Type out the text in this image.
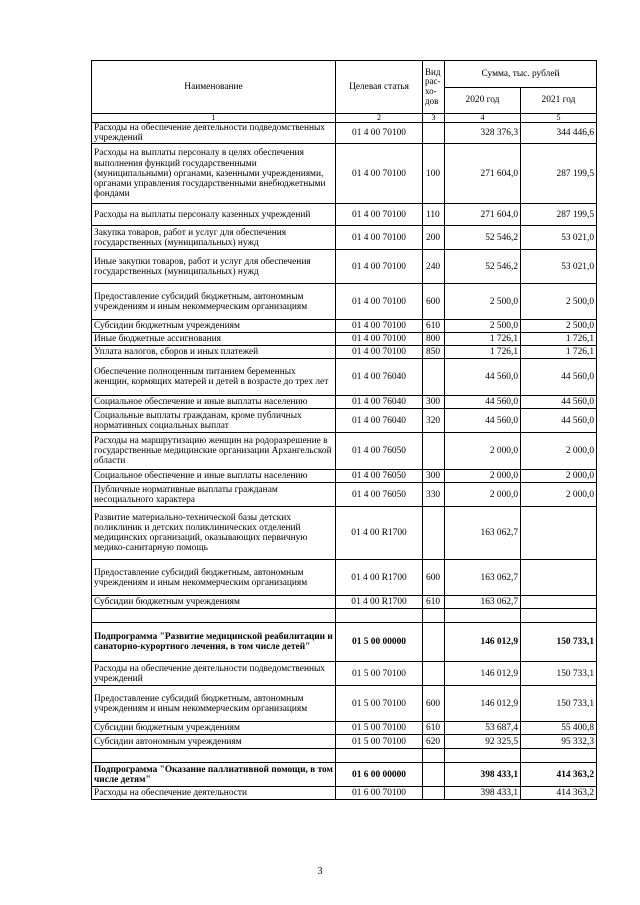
Наименование	Целевая статья	Вид
рас-
хо-
дов	Сумма, тыс. рублей	
			2020 год	2021 год
1	2	3	4	5
Расходы на обеспечение деятельности подведомственных учреждений	01 4 00 70100		328 376,3	344 446,6
Расходы на выплаты персоналу в целях обеспечения выполнения функций государственными (муниципальными) органами, казенными учреждениями, органами управления государственными внебюджетными фондами	01 4 00 70100	100	271 604,0	287 199,5
Расходы на выплаты персоналу казенных учреждений	01 4 00 70100	110	271 604,0	287 199,5
Закупка товаров, работ и услуг для обеспечения государственных (муниципальных) нужд	01 4 00 70100	200	52 546,2	53 021,0
Иные закупки товаров, работ и услуг для обеспечения государственных (муниципальных) нужд	01 4 00 70100	240	52 546,2	53 021,0
Предоставление субсидий бюджетным, автономным учреждениям и иным некоммерческим организациям	01 4 00 70100	600	2 500,0	2 500,0
Субсидии бюджетным учреждениям	01 4 00 70100	610	2 500,0	2 500,0
Иные бюджетные ассигнования	01 4 00 70100	800	1 726,1	1 726,1
Уплата налогов, сборов и иных платежей	01 4 00 70100	850	1 726,1	1 726,1
Обеспечение полноценным питанием беременных женщин, кормящих матерей и детей в возрасте до трех лет	01 4 00 76040		44 560,0	44 560,0
Социальное обеспечение и иные выплаты населению	01 4 00 76040	300	44 560,0	44 560,0
Социальные выплаты гражданам, кроме публичных нормативных социальных выплат	01 4 00 76040	320	44 560,0	44 560,0
Расходы на маршрутизацию женщин на родоразрешение в государственные медицинские организации Архангельской области	01 4 00 76050		2 000,0	2 000,0
Социальное обеспечение и иные выплаты населению	01 4 00 76050	300	2 000,0	2 000,0
Публичные нормативные выплаты гражданам несоциального характера	01 4 00 76050	330	2 000,0	2 000,0
Развитие материально-технической базы детских поликлиник и детских поликлинических отделений медицинских организаций, оказывающих первичную медико-санитарную помощь	01 4 00 R1700		163 062,7	
Предоставление субсидий бюджетным, автономным учреждениям и иным некоммерческим организациям	01 4 00 R1700	600	163 062,7	
Субсидии бюджетным учреждениям	01 4 00 R1700	610	163 062,7	

Подпрограмма "Развитие медицинской реабилитации и санаторно-курортного лечения, в том числе детей"	01 5 00 00000		146 012,9	150 733,1
Расходы на обеспечение деятельности подведомственных учреждений	01 5 00 70100		146 012,9	150 733,1
Предоставление субсидий бюджетным, автономным учреждениям и иным некоммерческим организациям	01 5 00 70100	600	146 012,9	150 733,1
Субсидии бюджетным учреждениям	01 5 00 70100	610	53 687,4	55 400,8
Субсидии автономным учреждениям	01 5 00 70100	620	92 325,5	95 332,3

Подпрограмма "Оказание паллиативной помощи, в том числе детям"	01 6 00 00000		398 433,1	414 363,2
Расходы на обеспечение деятельности	01 6 00 70100		398 433,1	414 363,2
3
